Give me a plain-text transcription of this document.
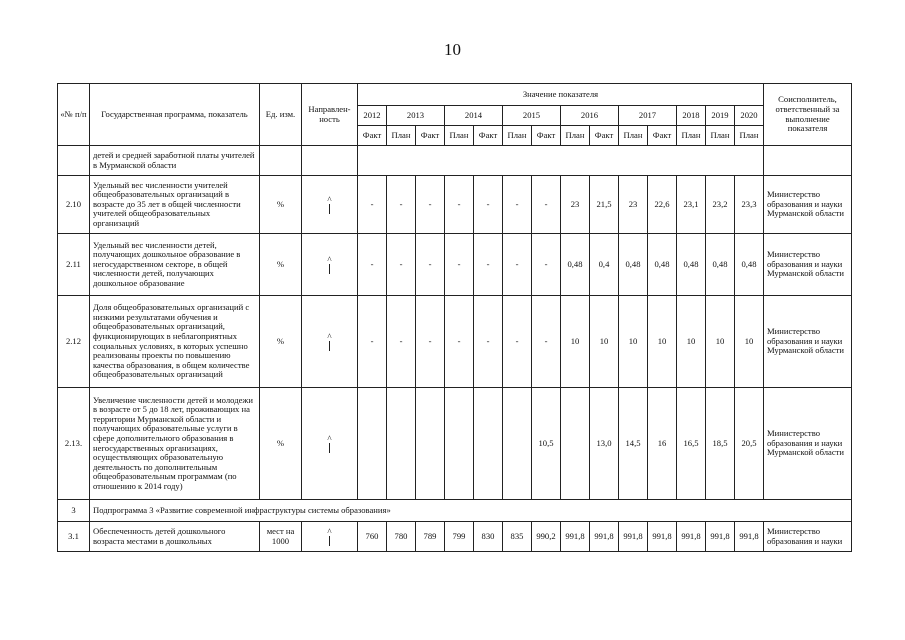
10
«№ п/п	Государственная программа, показатель	Ед. изм.	Направлен-ность	Значение показателя														Соисполнитель, ответственный за выполнение показателя
				2012	2013		2014		2015		2016		2017		2018	2019	2020	
				Факт	План	Факт	План	Факт	План	Факт	План	Факт	План	Факт	План	План	План	
	детей и средней заработной платы учителей в Мурманской области																	
2.10	Удельный вес численности учителей общеобразовательных организаций в возрасте до 35 лет в общей численности учителей общеобразовательных организаций	%	^	-	-	-	-	-	-	-	23	21,5	23	22,6	23,1	23,2	23,3	Министерство образования и науки Мурманской области
2.11	Удельный вес численности детей, получающих дошкольное образование в негосударственном секторе, в общей численности детей, получающих дошкольное образование	%	^	-	-	-	-	-	-	-	0,48	0,4	0,48	0,48	0,48	0,48	0,48	Министерство образования и науки Мурманской области
2.12	Доля общеобразовательных организаций с низкими результатами обучения и общеобразовательных организаций, функционирующих в неблагоприятных социальных условиях, в которых успешно реализованы проекты по повышению качества образования, в общем количестве общеобразовательных организаций	%	^	-	-	-	-	-	-	-	10	10	10	10	10	10	10	Министерство образования и науки Мурманской области
2.13.	Увеличение численности детей и молодежи в возрасте от 5 до 18 лет, проживающих на территории Мурманской области и получающих образовательные услуги в сфере дополнительного образования в негосударственных организациях, осуществляющих образовательную деятельность по дополнительным общеобразовательным программам (по отношению к 2014 году)	%	^							10,5		13,0	14,5	16	16,5	18,5	20,5	Министерство образования и науки Мурманской области
3	Подпрограмма 3 «Развитие современной инфраструктуры системы образования»																	
3.1	Обеспеченность детей дошкольного возраста местами в дошкольных	мест на 1000	^	760	780	789	799	830	835	990,2	991,8	991,8	991,8	991,8	991,8	991,8	991,8	Министерство образования и науки
